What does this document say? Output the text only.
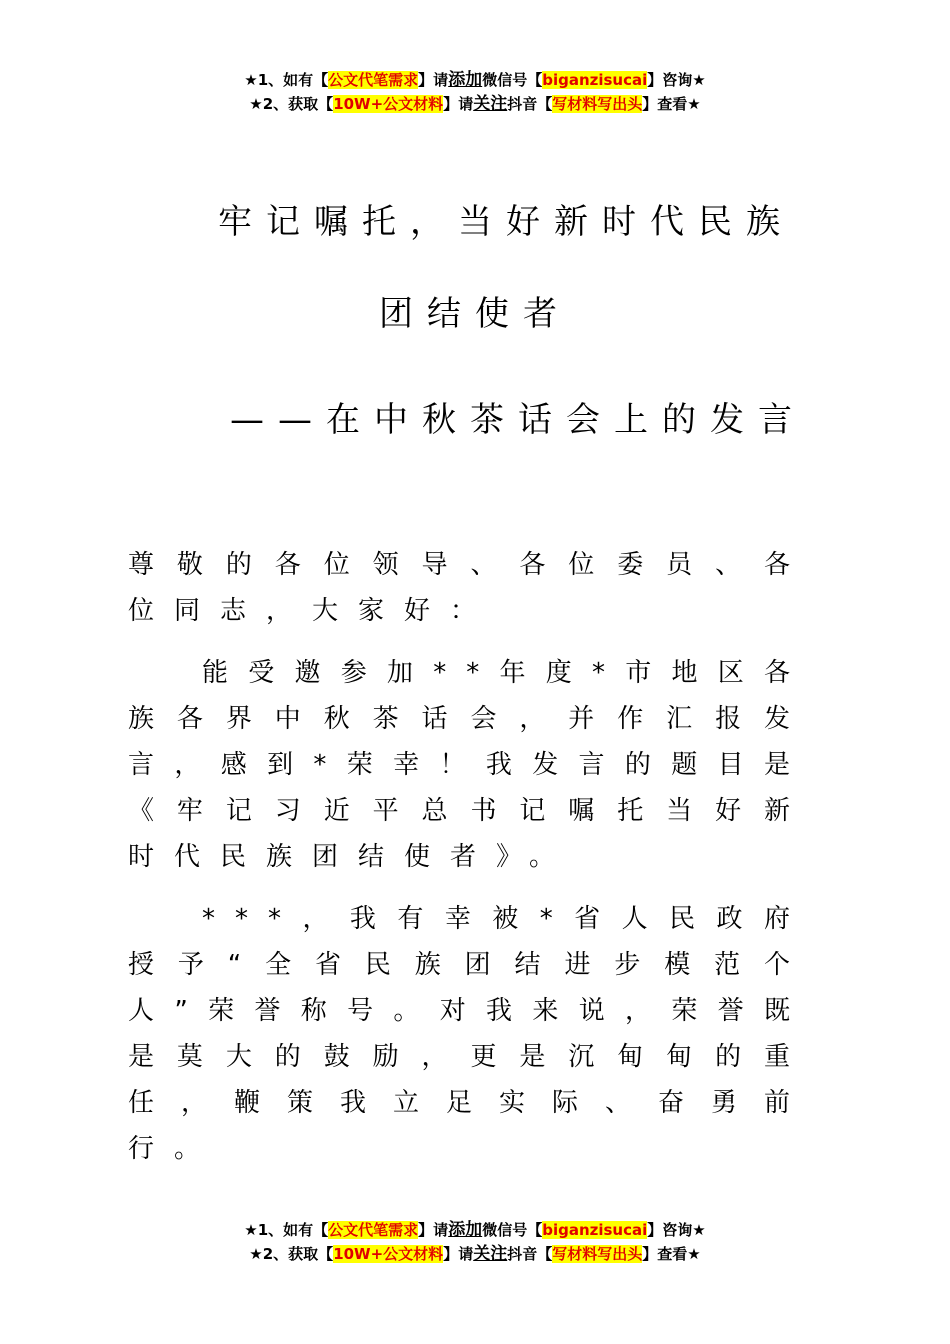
★1、如有【公文代笔需求】请添加微信号【biganzisucai】咨询★
★2、获取【10W+公文材料】请关注抖音【写材料写出头】查看★
牢记嘱托，当好新时代民族
团结使者
——在中秋茶话会上的发言
尊敬的各位领导、各位委员、各位同志，大家好：
能受邀参加**年度*市地区各族各界中秋茶话会，并作汇报发言，感到*荣幸！我发言的题目是《牢记习近平总书记嘱托当好新时代民族团结使者》。
***，我有幸被*省人民政府授予“全省民族团结进步模范个人”荣誉称号。对我来说，荣誉既是莫大的鼓励，更是沉甸甸的重任，鞭策我立足实际、奋勇前行。
★1、如有【公文代笔需求】请添加微信号【biganzisucai】咨询★
★2、获取【10W+公文材料】请关注抖音【写材料写出头】查看★
